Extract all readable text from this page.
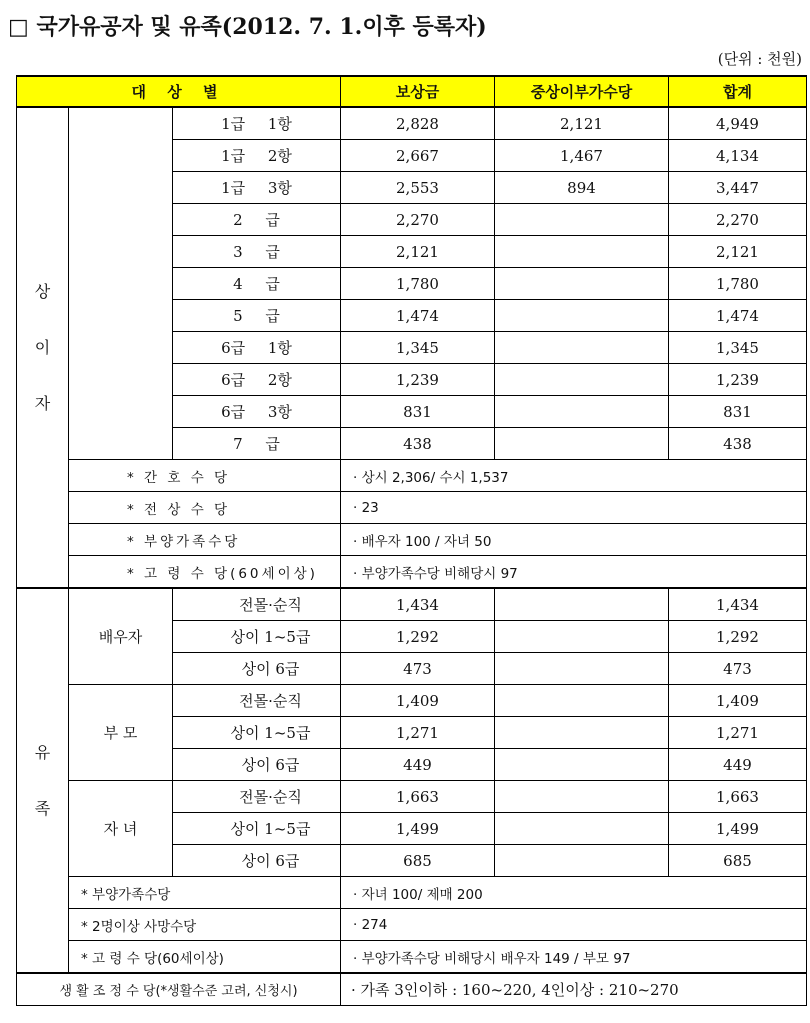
□ 국가유공자 및 유족(2012. 7. 1.이후 등록자)
(단위 : 천원)
대 상 별			보상금	중상이부가수당	합계

상
이
자		1급 1항	2,828	2,121	4,949
		1급 2항	2,667	1,467	4,134
		1급 3항	2,553	894	3,447
		2 급	2,270		2,270
		3 급	2,121		2,121
		4 급	1,780		1,780
		5 급	1,474		1,474
		6급 1항	1,345		1,345
		6급 2항	1,239		1,239
		6급 3항	831		831
		7 급	438		438
	* 간 호 수 당		· 상시 2,306/ 수시 1,537		
	* 전 상 수 당		· 23		
	* 부양가족수당		· 배우자 100 / 자녀 50		
	* 고 령 수 당(60세이상)		· 부양가족수당 비해당시 97		

유
족	배우자	전몰·순직	1,434		1,434
		상이 1~5급	1,292		1,292
		상이 6급	473		473
	부 모	전몰·순직	1,409		1,409
		상이 1~5급	1,271		1,271
		상이 6급	449		449
	자 녀	전몰·순직	1,663		1,663
		상이 1~5급	1,499		1,499
		상이 6급	685		685
	* 부양가족수당		· 자녀 100/ 제매 200		
	* 2명이상 사망수당		· 274		
	* 고 령 수 당(60세이상)		· 부양가족수당 비해당시 배우자 149 / 부모 97		
생 활 조 정 수 당(*생활수준 고려, 신청시)			· 가족 3인이하 : 160~220, 4인이상 : 210~270		
